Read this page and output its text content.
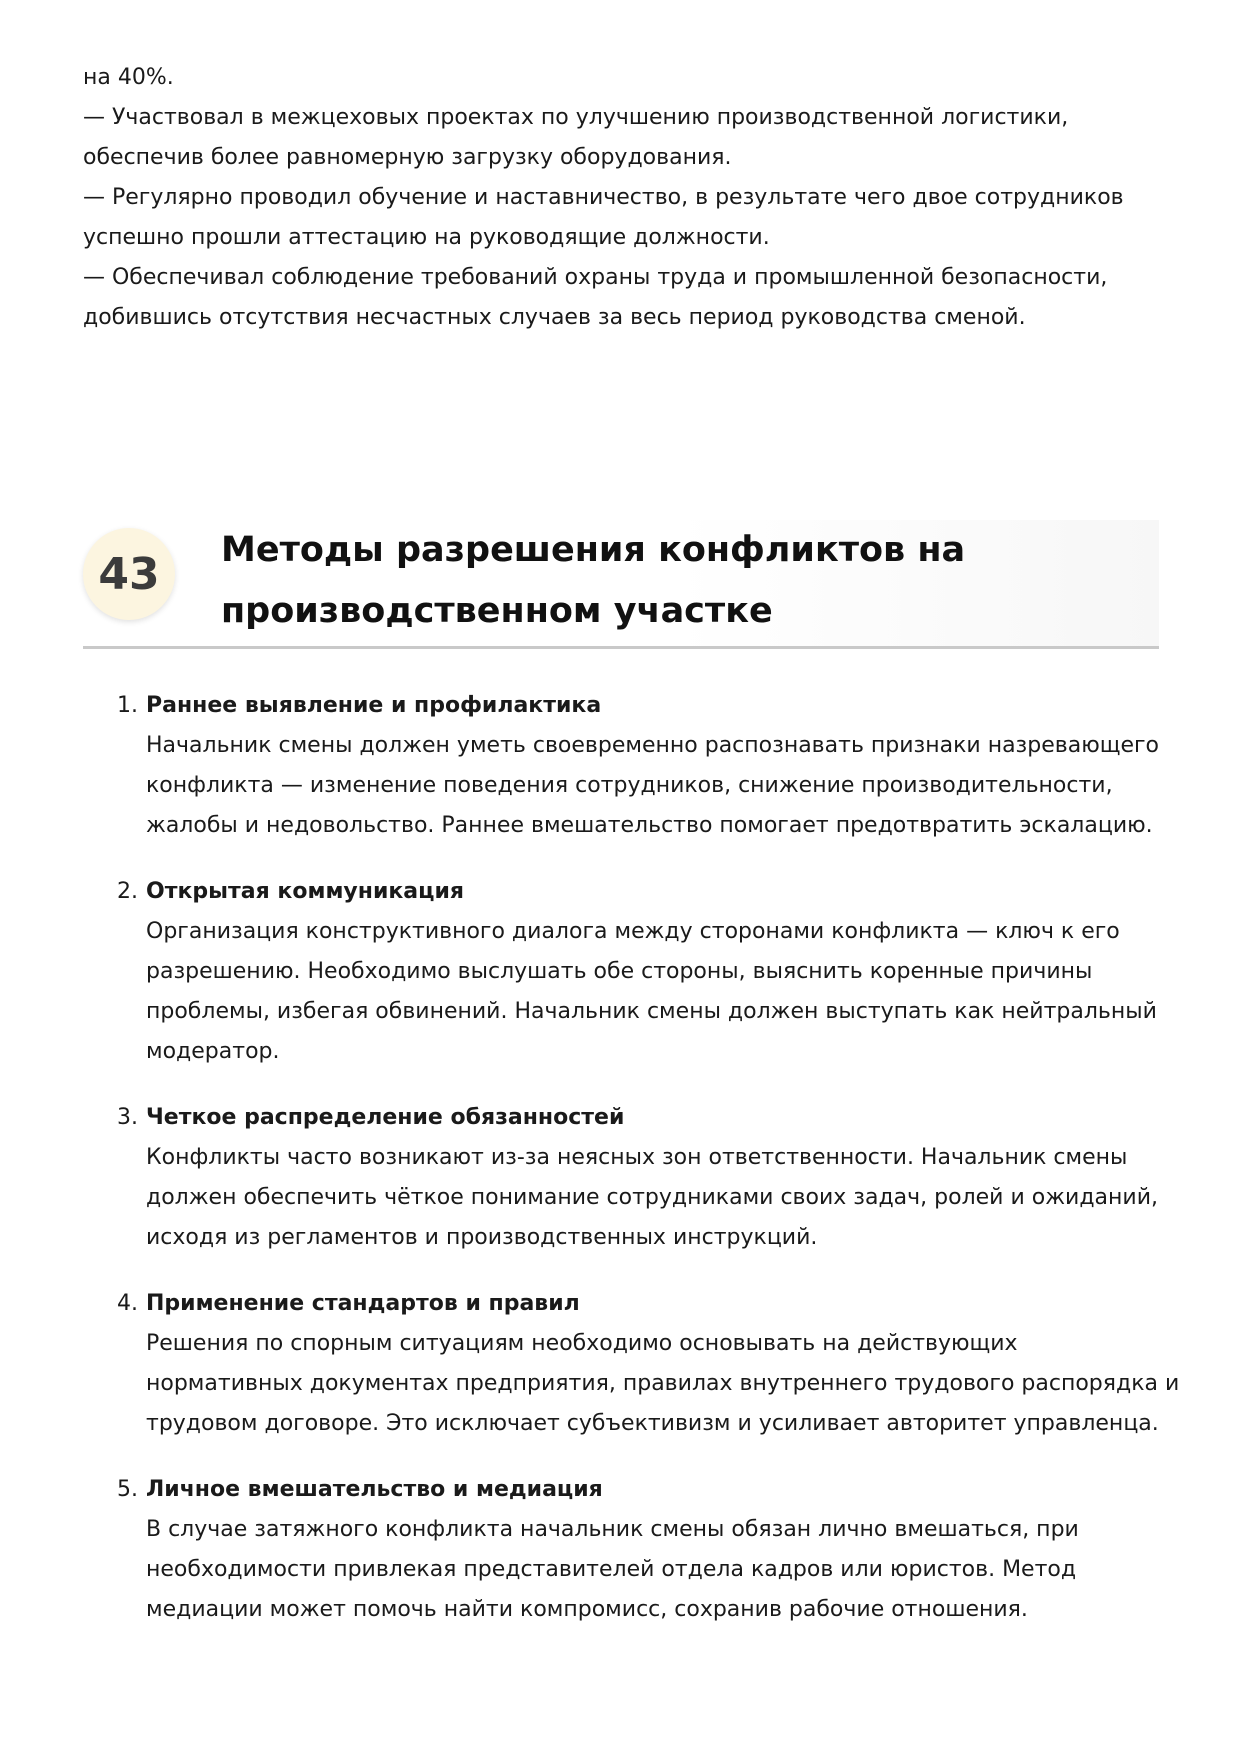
на 40%.

— Участвовал в межцеховых проектах по улучшению производственной логистики,

обеспечив более равномерную загрузку оборудования.

— Регулярно проводил обучение и наставничество, в результате чего двое сотрудников

успешно прошли аттестацию на руководящие должности.

— Обеспечивал соблюдение требований охраны труда и промышленной безопасности,

добившись отсутствия несчастных случаев за весь период руководства сменой.

43	Методы разрешения конфликтов на
производственном участке
1. Раннее выявление и профилактика

Начальник смены должен уметь своевременно распознавать признаки назревающего
конфликта — изменение поведения сотрудников, снижение производительности,
жалобы и недовольство. Раннее вмешательство помогает предотвратить эскалацию.

2. Открытая коммуникация

Организация конструктивного диалога между сторонами конфликта — ключ к его
разрешению. Необходимо выслушать обе стороны, выяснить коренные причины
проблемы, избегая обвинений. Начальник смены должен выступать как нейтральный
модератор.

3. Четкое распределение обязанностей

Конфликты часто возникают из-за неясных зон ответственности. Начальник смены
должен обеспечить чёткое понимание сотрудниками своих задач, ролей и ожиданий,
исходя из регламентов и производственных инструкций.

4. Применение стандартов и правил

Решения по спорным ситуациям необходимо основывать на действующих
нормативных документах предприятия, правилах внутреннего трудового распорядка и
трудовом договоре. Это исключает субъективизм и усиливает авторитет управленца.

5. Личное вмешательство и медиация

В случае затяжного конфликта начальник смены обязан лично вмешаться, при
необходимости привлекая представителей отдела кадров или юристов. Метод
медиации может помочь найти компромисс, сохранив рабочие отношения.
